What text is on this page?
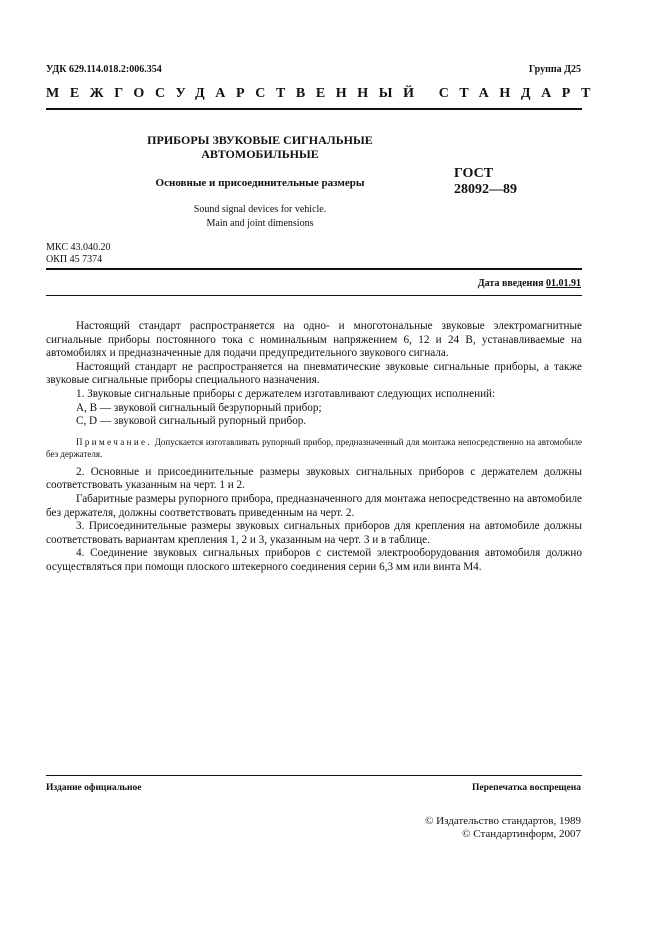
УДК 629.114.018.2:006.354	Группа Д25
МЕЖГОСУДАРСТВЕННЫЙ СТАНДАРТ
ПРИБОРЫ ЗВУКОВЫЕ СИГНАЛЬНЫЕ
АВТОМОБИЛЬНЫЕ
Основные и присоединительные размеры
ГОСТ
28092—89
Sound signal devices for vehicle.
Main and joint dimensions
МКС 43.040.20
ОКП 45 7374
Дата введения 01.01.91

Настоящий стандарт распространяется на одно- и многотональные звуковые электромагнитные сигнальные приборы постоянного тока с номинальным напряжением 6, 12 и 24 В, устанавливаемые на автомобилях и предназначенные для подачи предупредительного звукового сигнала.

Настоящий стандарт не распространяется на пневматические звуковые сигнальные приборы, а также звуковые сигнальные приборы специального назначения.

1. Звуковые сигнальные приборы с держателем изготавливают следующих исполнений:

А, В — звуковой сигнальный безрупорный прибор;

С, D — звуковой сигнальный рупорный прибор.

Примечание. Допускается изготавливать рупорный прибор, предназначенный для монтажа непосредственно на автомобиле без держателя.

2. Основные и присоединительные размеры звуковых сигнальных приборов с держателем должны соответствовать указанным на черт. 1 и 2.

Габаритные размеры рупорного прибора, предназначенного для монтажа непосредственно на автомобиле без держателя, должны соответствовать приведенным на черт. 2.

3. Присоединительные размеры звуковых сигнальных приборов для крепления на автомобиле должны соответствовать вариантам крепления 1, 2 и 3, указанным на черт. 3 и в таблице.

4. Соединение звуковых сигнальных приборов с системой электрооборудования автомобиля должно осуществляться при помощи плоского штекерного соединения серии 6,3 мм или винта М4.

Издание официальное	Перепечатка воспрещена
© Издательство стандартов, 1989
© Стандартинформ, 2007
